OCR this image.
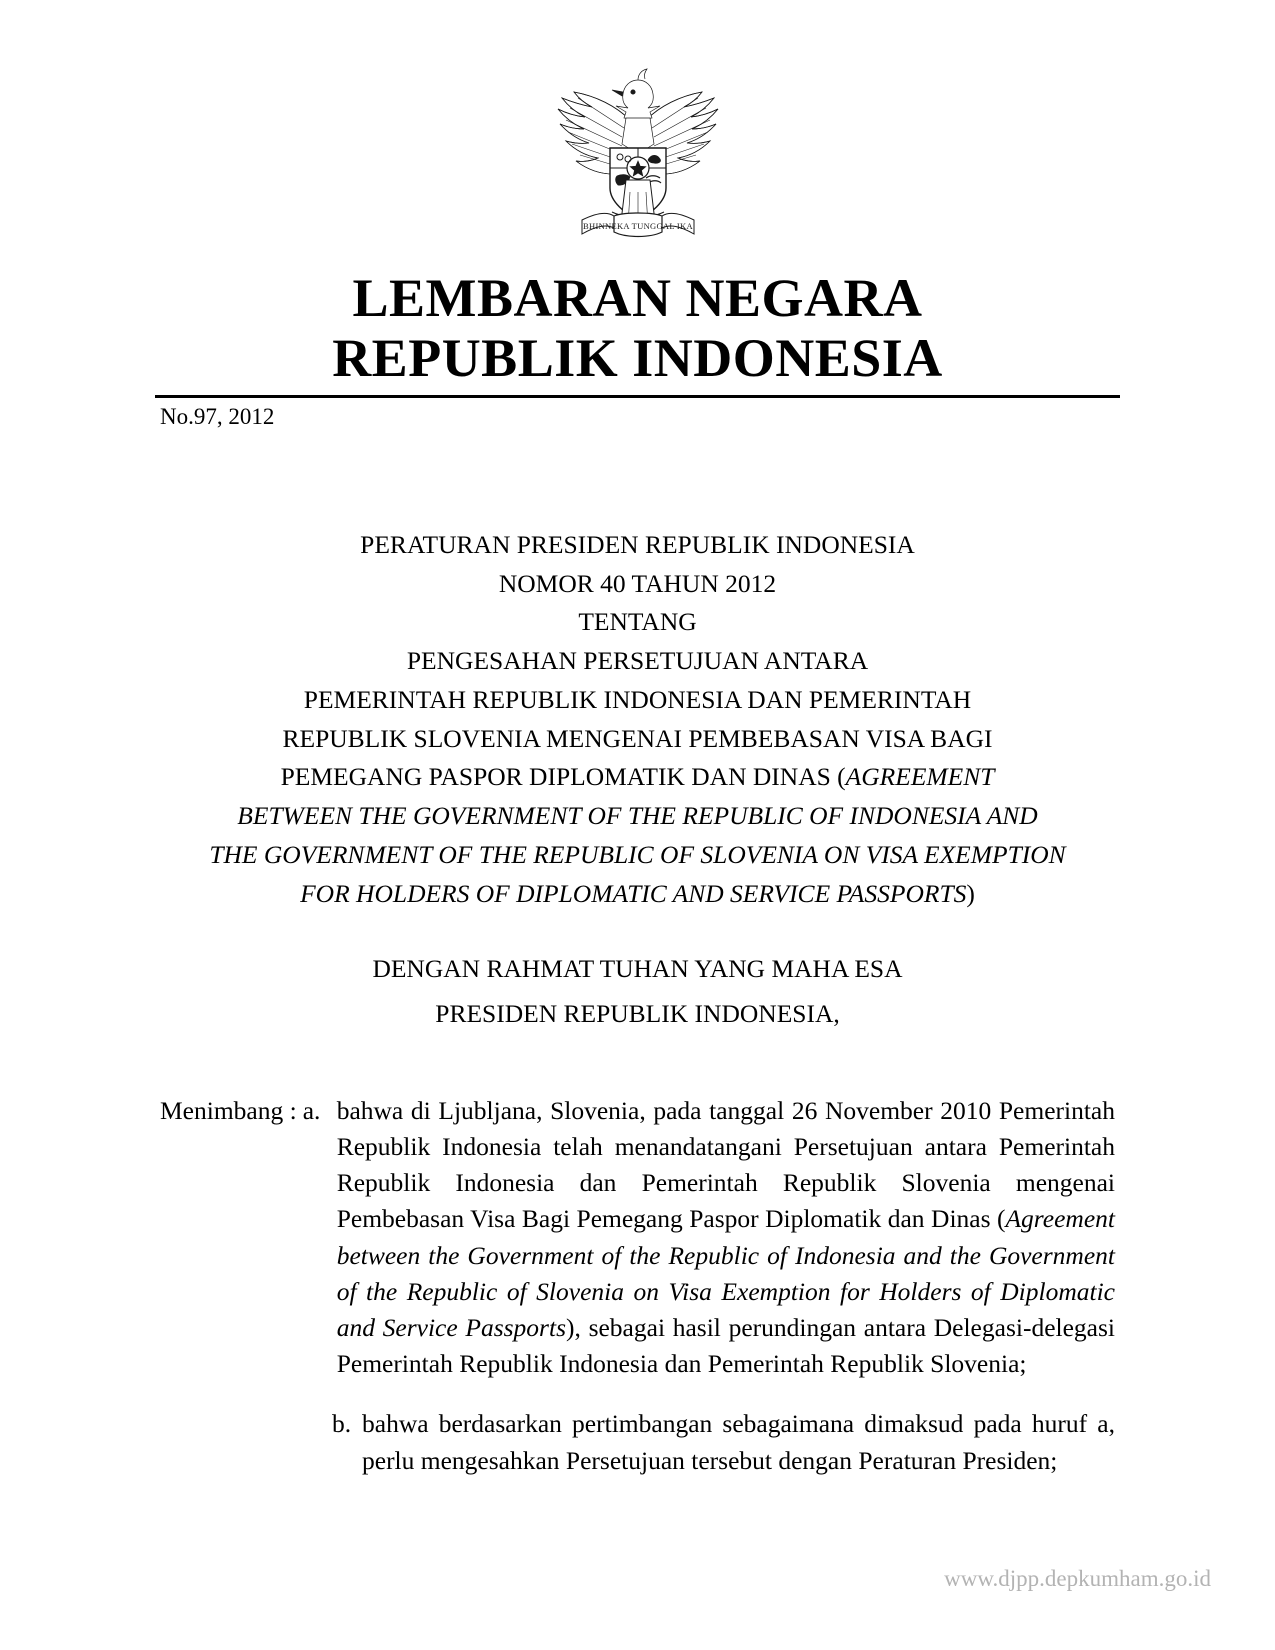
BHINNEKA TUNGGAL IKA
LEMBARAN NEGARA
REPUBLIK INDONESIA
No.97, 2012
PERATURAN PRESIDEN REPUBLIK INDONESIA
NOMOR 40 TAHUN 2012
TENTANG
PENGESAHAN PERSETUJUAN ANTARA
PEMERINTAH REPUBLIK INDONESIA DAN PEMERINTAH
REPUBLIK SLOVENIA MENGENAI PEMBEBASAN VISA BAGI
PEMEGANG PASPOR DIPLOMATIK DAN DINAS (AGREEMENT
BETWEEN THE GOVERNMENT OF THE REPUBLIC OF INDONESIA AND
THE GOVERNMENT OF THE REPUBLIC OF SLOVENIA ON VISA EXEMPTION
FOR HOLDERS OF DIPLOMATIC AND SERVICE PASSPORTS)
DENGAN RAHMAT TUHAN YANG MAHA ESA
PRESIDEN REPUBLIK INDONESIA,
Menimbang : a. bahwa di Ljubljana, Slovenia, pada tanggal 26 November 2010 Pemerintah Republik Indonesia telah menandatangani Persetujuan antara Pemerintah Republik Indonesia dan Pemerintah Republik Slovenia mengenai Pembebasan Visa Bagi Pemegang Paspor Diplomatik dan Dinas (Agreement between the Government of the Republic of Indonesia and the Government of the Republic of Slovenia on Visa Exemption for Holders of Diplomatic and Service Passports), sebagai hasil perundingan antara Delegasi-delegasi Pemerintah Republik Indonesia dan Pemerintah Republik Slovenia;
b. bahwa berdasarkan pertimbangan sebagaimana dimaksud pada huruf a, perlu mengesahkan Persetujuan tersebut dengan Peraturan Presiden;
www.djpp.depkumham.go.id
